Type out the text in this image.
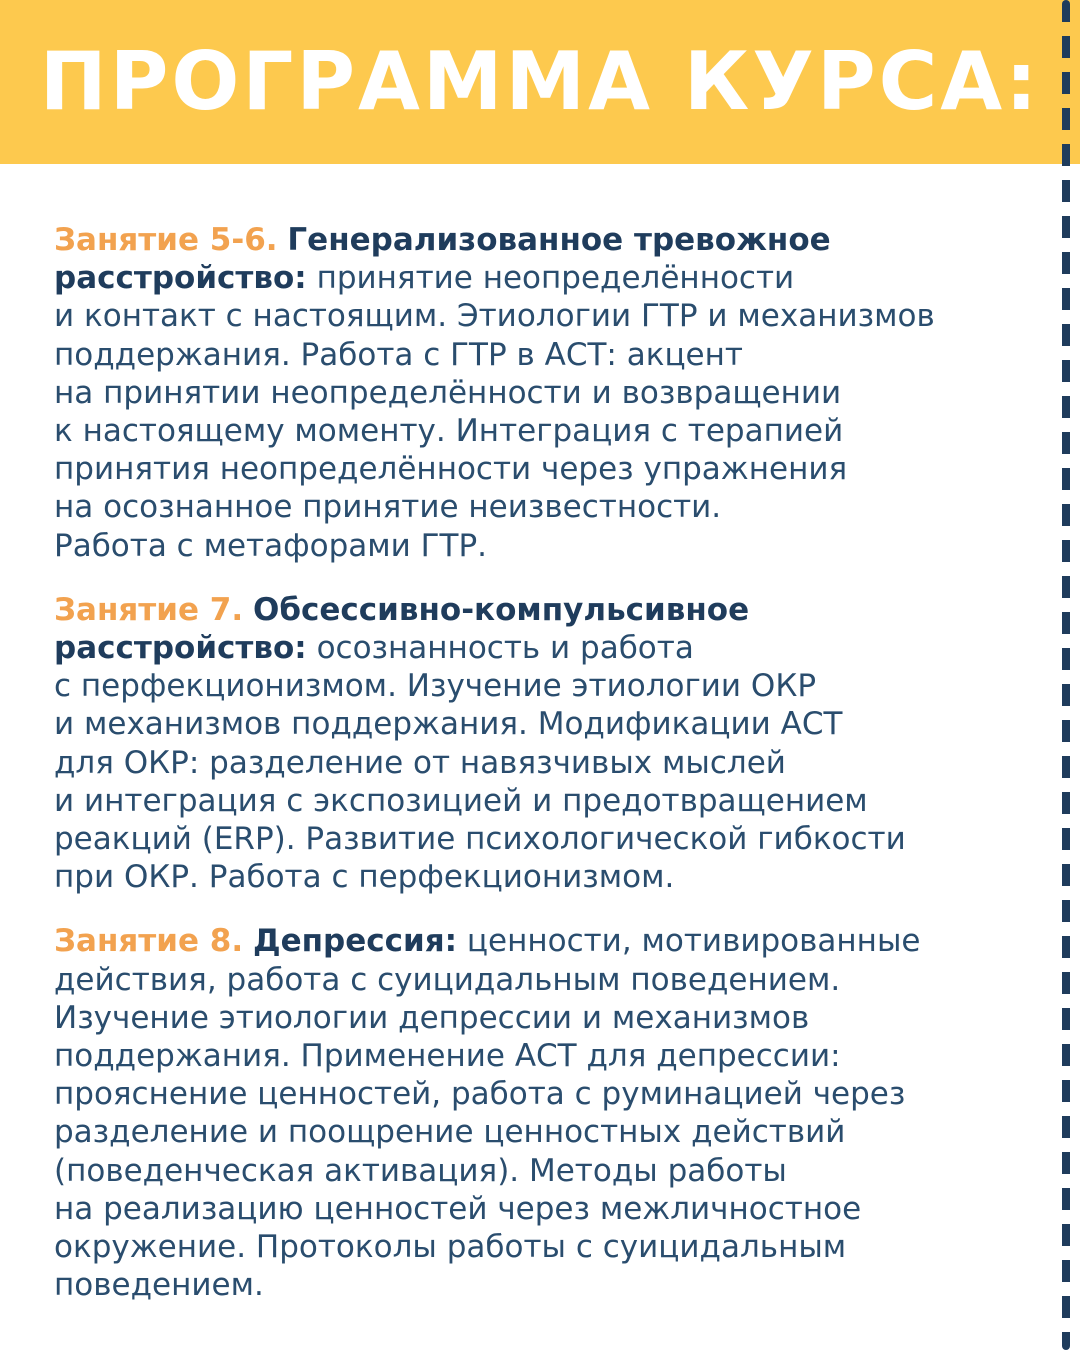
ПРОГРАММА КУРСА:
Занятие 5-6. Генерализованное тревожное
расстройство: принятие неопределённости
и контакт с настоящим. Этиологии ГТР и механизмов
поддержания. Работа с ГТР в АСТ: акцент
на принятии неопределённости и возвращении
к настоящему моменту. Интеграция с терапией
принятия неопределённости через упражнения
на осознанное принятие неизвестности.
Работа с метафорами ГТР.
Занятие 7. Обсессивно-компульсивное
расстройство: осознанность и работа
с перфекционизмом. Изучение этиологии ОКР
и механизмов поддержания. Модификации АСТ
для ОКР: разделение от навязчивых мыслей
и интеграция с экспозицией и предотвращением
реакций (ERP). Развитие психологической гибкости
при ОКР. Работа с перфекционизмом.
Занятие 8. Депрессия: ценности, мотивированные
действия, работа с суицидальным поведением.
Изучение этиологии депрессии и механизмов
поддержания. Применение АСТ для депрессии:
прояснение ценностей, работа с руминацией через
разделение и поощрение ценностных действий
(поведенческая активация). Методы работы
на реализацию ценностей через межличностное
окружение. Протоколы работы с суицидальным
поведением.
